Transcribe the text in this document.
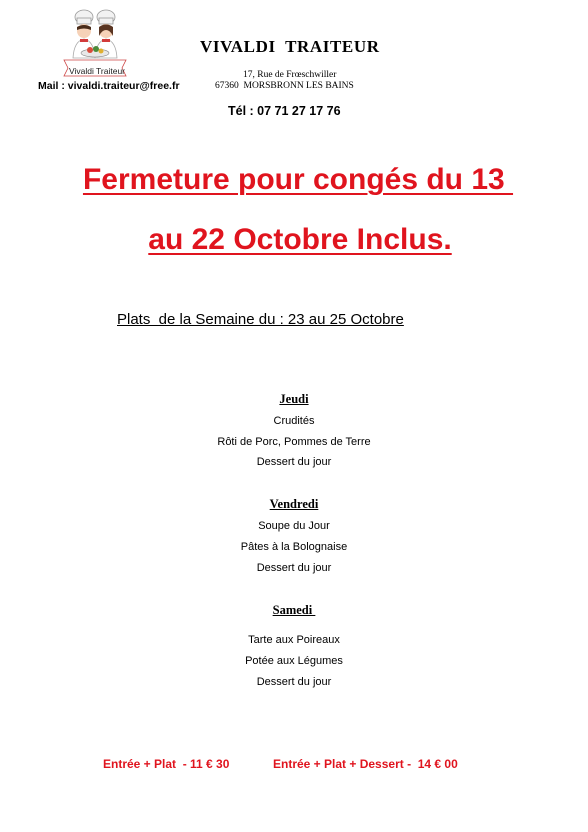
Vivaldi Traiteur
Mail : vivaldi.traiteur@free.fr
VIVALDI  TRAITEUR
17, Rue de Frœschwiller
67360  MORSBRONN LES BAINS
Tél : 07 71 27 17 76
Fermeture pour congés du 13
au 22 Octobre Inclus.
Plats  de la Semaine du : 23 au 25 Octobre
Jeudi
Crudités
Rôti de Porc, Pommes de Terre
Dessert du jour
Vendredi
Soupe du Jour
Pâtes à la Bolognaise
Dessert du jour
Samedi
Tarte aux Poireaux
Potée aux Légumes
Dessert du jour
Entrée + Plat  - 11 € 30	Entrée + Plat + Dessert -  14 € 00
